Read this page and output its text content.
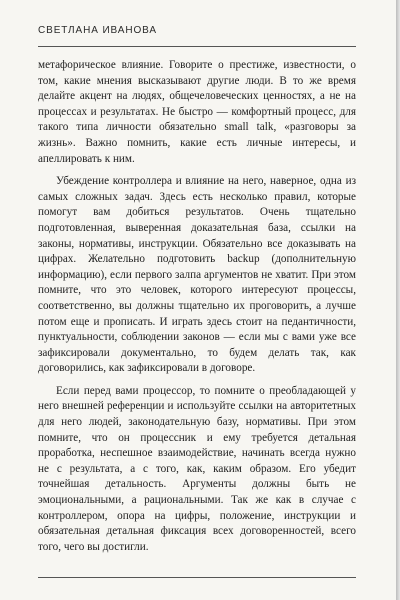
СВЕТЛАНА ИВАНОВА

метафорическое влияние. Говорите о престиже, известности, о том, какие мнения высказывают другие люди. В то же время делайте акцент на людях, общечеловеческих ценностях, а не на процессах и результатах. Не быстро — комфортный процесс, для такого типа личности обязательно small talk, «разговоры за жизнь». Важно помнить, какие есть личные интересы, и апеллировать к ним.

Убеждение контроллера и влияние на него, наверное, одна из самых сложных задач. Здесь есть несколько правил, которые помогут вам добиться результатов. Очень тщательно подготовленная, выверенная доказательная база, ссылки на законы, нормативы, инструкции. Обязательно все доказывать на цифрах. Желательно подготовить backup (дополнительную информацию), если первого залпа аргументов не хватит. При этом помните, что это человек, которого интересуют процессы, соответственно, вы должны тщательно их проговорить, а лучше потом еще и прописать. И играть здесь стоит на педантичности, пунктуальности, соблюдении законов — если мы с вами уже все зафиксировали документально, то будем делать так, как договорились, как зафиксировали в договоре.

Если перед вами процессор, то помните о преобладающей у него внешней референции и используйте ссылки на авторитетных для него людей, законодательную базу, нормативы. При этом помните, что он процессник и ему требуется детальная проработка, неспешное взаимодействие, начинать всегда нужно не с результата, а с того, как, каким образом. Его убедит точнейшая детальность. Аргументы должны быть не эмоциональными, а рациональными. Так же как в случае с контроллером, опора на цифры, положение, инструкции и обязательная детальная фиксация всех договоренностей, всего того, чего вы достигли.
